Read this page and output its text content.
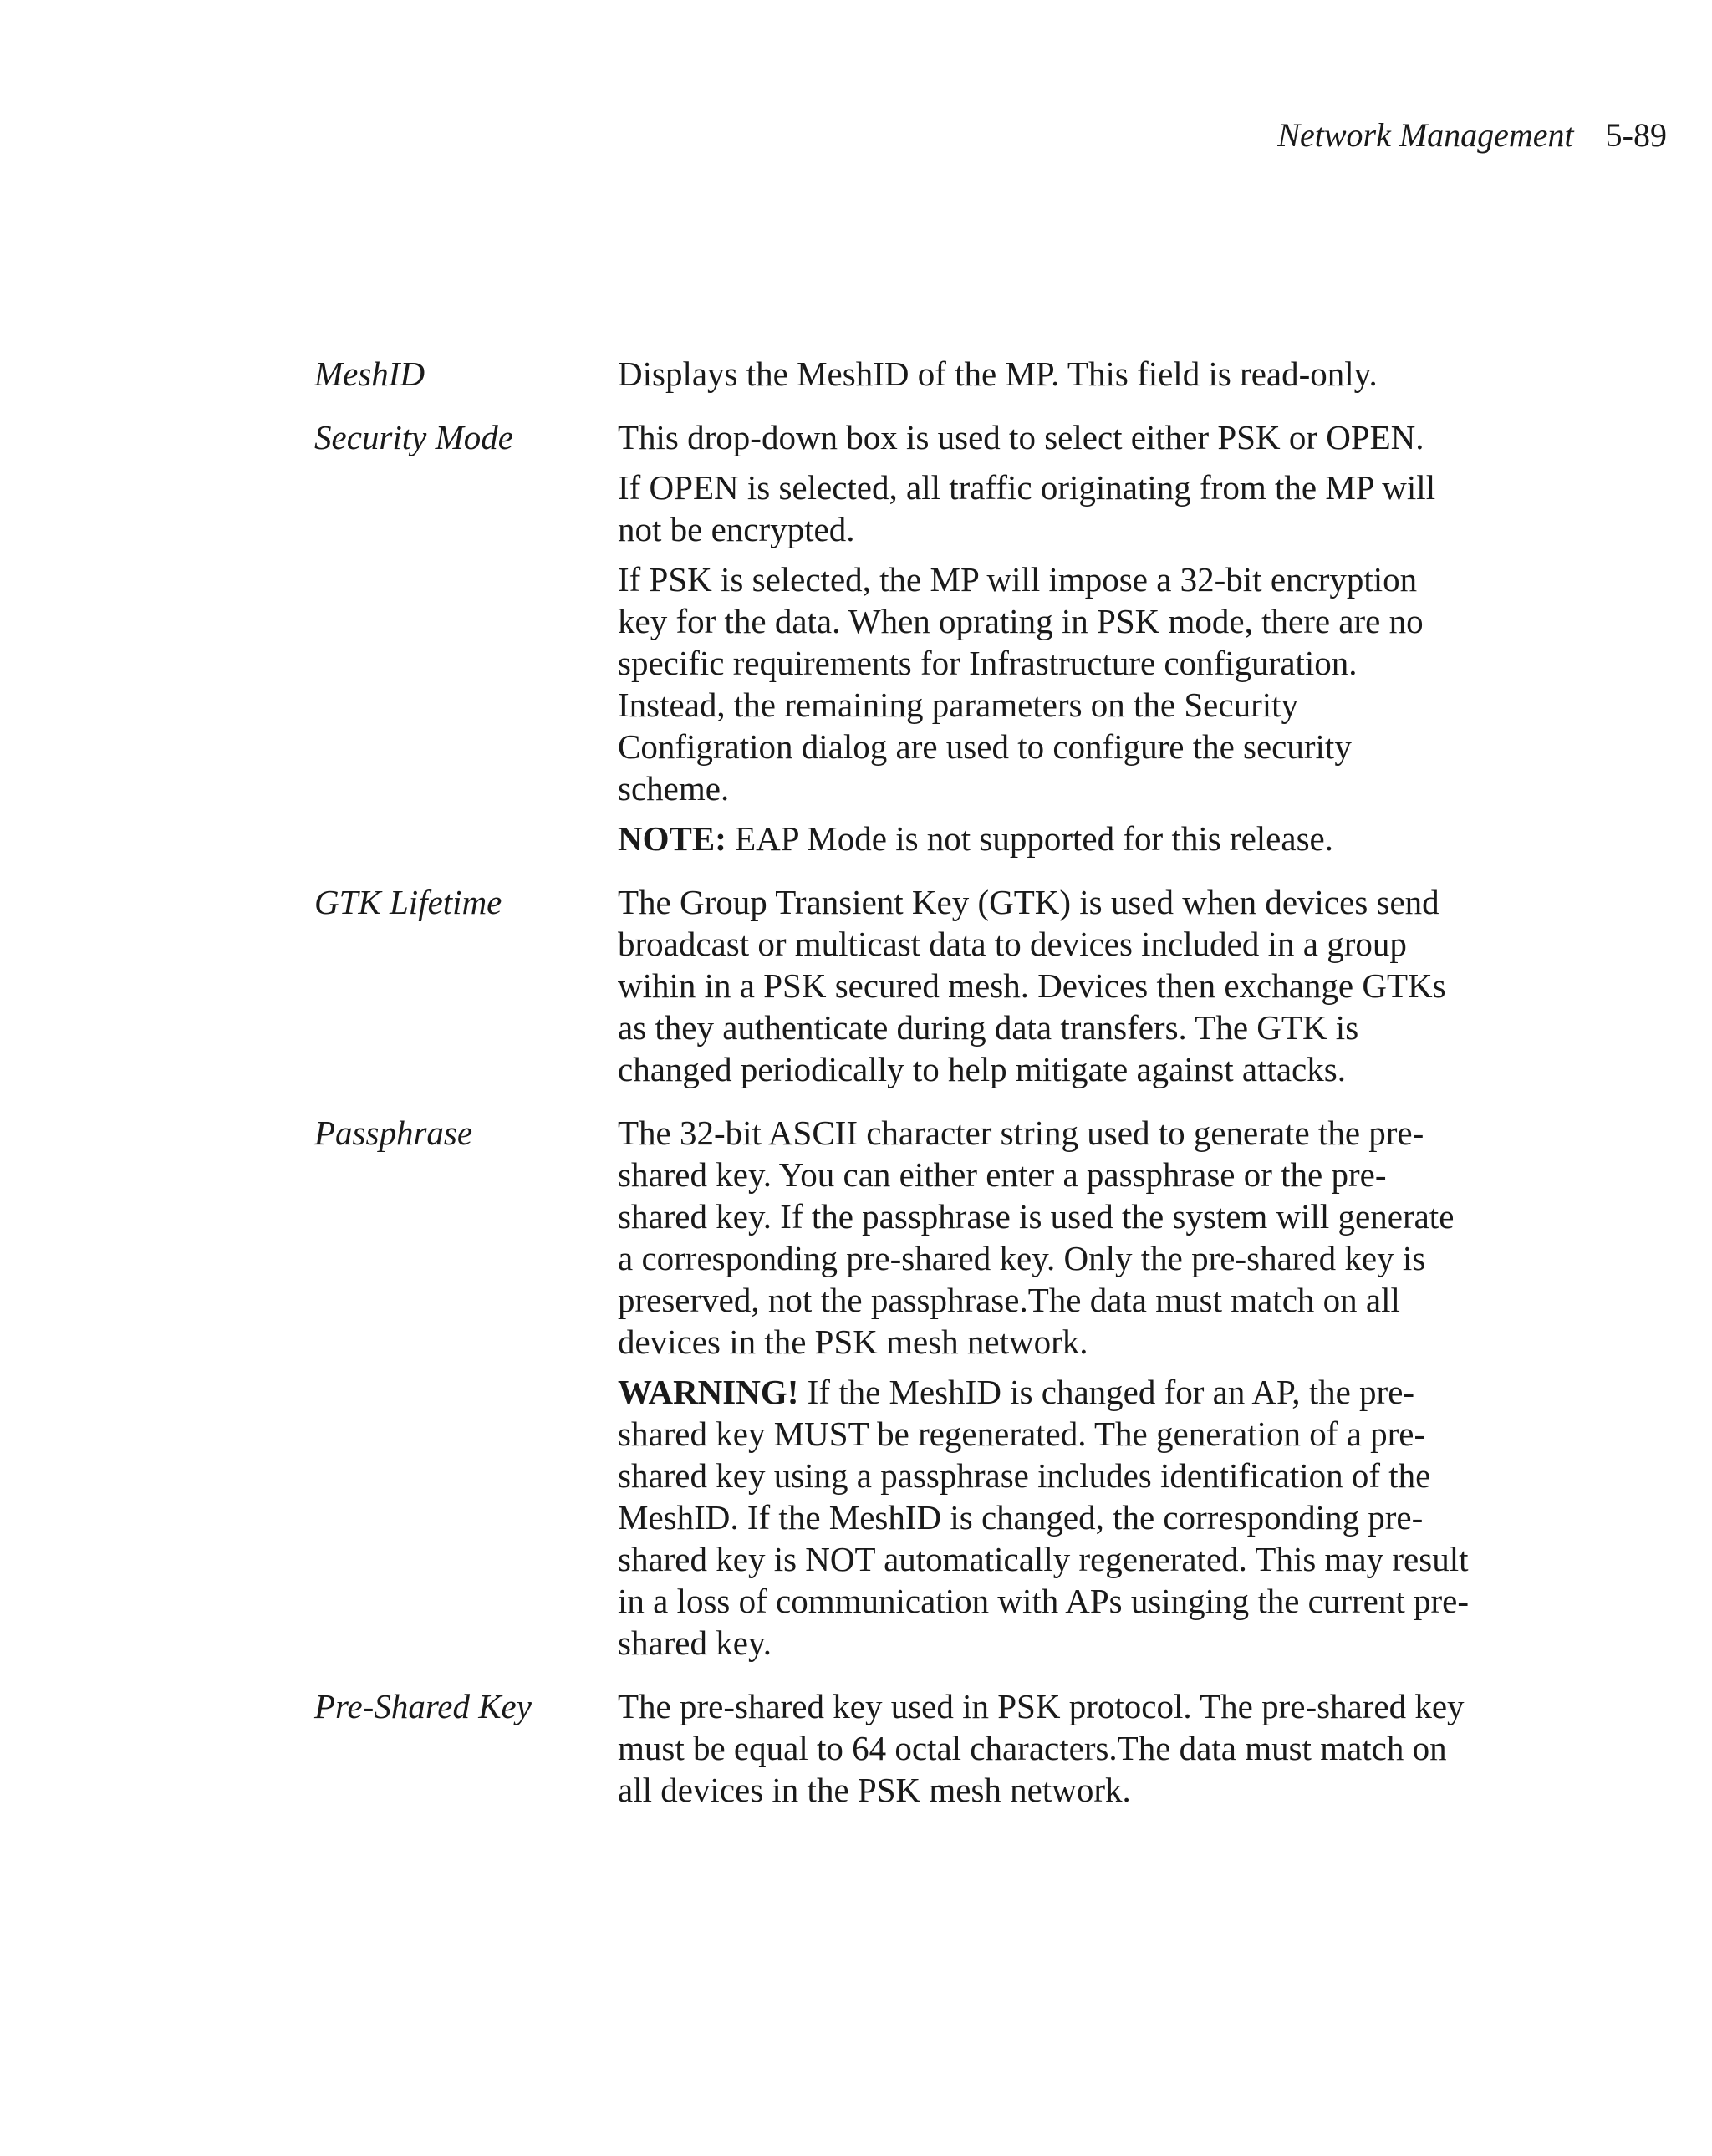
Network Management 5-89
MeshID	Displays the MeshID of the MP. This field is read-only.

Security Mode	This drop-down box is used to select either PSK or OPEN.

If OPEN is selected, all traffic originating from the MP will not be encrypted.

If PSK is selected, the MP will impose a 32-bit encryption key for the data. When oprating in PSK mode, there are no specific requirements for Infrastructure configuration. Instead, the remaining parameters on the Security Configration dialog are used to configure the security scheme.

NOTE: EAP Mode is not supported for this release.

GTK Lifetime	The Group Transient Key (GTK) is used when devices send broadcast or multicast data to devices included in a group wihin in a PSK secured mesh. Devices then exchange GTKs as they authenticate during data transfers. The GTK is changed periodically to help mitigate against attacks.

Passphrase	The 32-bit ASCII character string used to generate the pre-shared key. You can either enter a passphrase or the pre-shared key. If the passphrase is used the system will generate a corresponding pre-shared key. Only the pre-shared key is preserved, not the passphrase.The data must match on all devices in the PSK mesh network.

WARNING! If the MeshID is changed for an AP, the pre-shared key MUST be regenerated. The generation of a pre-shared key using a passphrase includes identification of the MeshID. If the MeshID is changed, the corresponding pre-shared key is NOT automatically regenerated. This may result in a loss of communication with APs usinging the current pre-shared key.

Pre-Shared Key	The pre-shared key used in PSK protocol. The pre-shared key must be equal to 64 octal characters.The data must match on all devices in the PSK mesh network.
